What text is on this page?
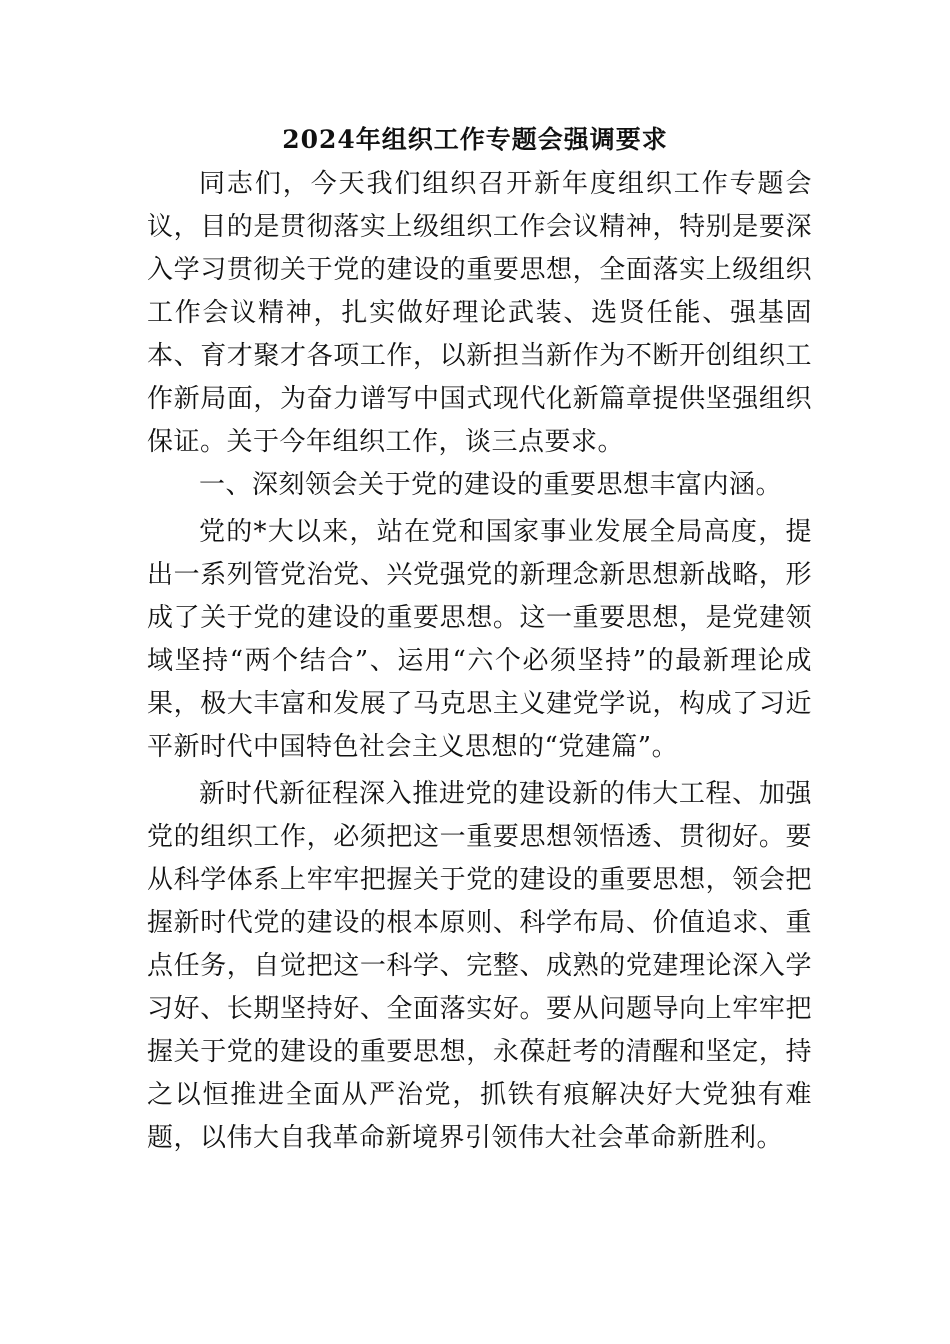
2024年组织工作专题会强调要求

同志们，今天我们组织召开新年度组织工作专题会议，目的是贯彻落实上级组织工作会议精神，特别是要深入学习贯彻关于党的建设的重要思想，全面落实上级组织工作会议精神，扎实做好理论武装、选贤任能、强基固本、育才聚才各项工作，以新担当新作为不断开创组织工作新局面，为奋力谱写中国式现代化新篇章提供坚强组织保证。关于今年组织工作，谈三点要求。

一、深刻领会关于党的建设的重要思想丰富内涵。

党的*大以来，站在党和国家事业发展全局高度，提出一系列管党治党、兴党强党的新理念新思想新战略，形成了关于党的建设的重要思想。这一重要思想，是党建领域坚持“两个结合”、运用“六个必须坚持”的最新理论成果，极大丰富和发展了马克思主义建党学说，构成了习近平新时代中国特色社会主义思想的“党建篇”。

新时代新征程深入推进党的建设新的伟大工程、加强党的组织工作，必须把这一重要思想领悟透、贯彻好。要从科学体系上牢牢把握关于党的建设的重要思想，领会把握新时代党的建设的根本原则、科学布局、价值追求、重点任务，自觉把这一科学、完整、成熟的党建理论深入学习好、长期坚持好、全面落实好。要从问题导向上牢牢把握关于党的建设的重要思想，永葆赶考的清醒和坚定，持之以恒推进全面从严治党，抓铁有痕解决好大党独有难题，以伟大自我革命新境界引领伟大社会革命新胜利。
